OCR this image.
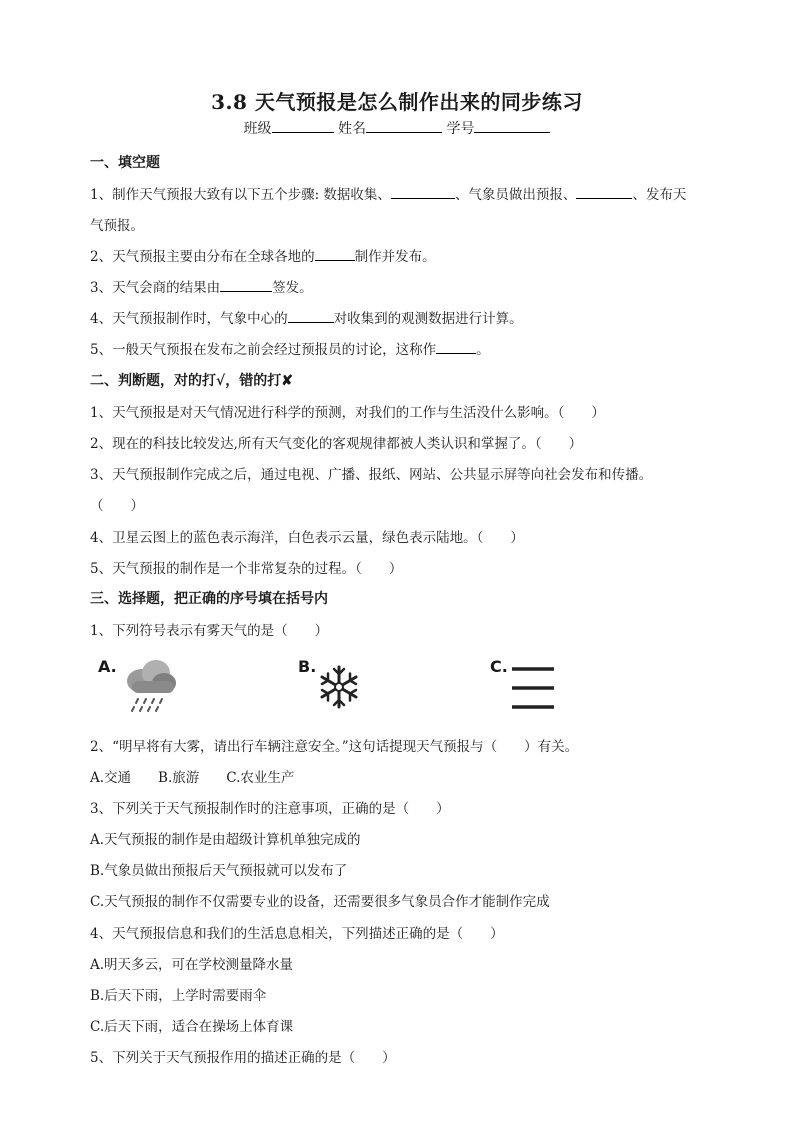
3.8 天气预报是怎么制作出来的同步练习
班级	姓名	学号
一、填空题
1、制作天气预报大致有以下五个步骤: 数据收集、	、气象员做出预报、	、发布天
气预报。
2、天气预报主要由分布在全球各地的	制作并发布。
3、天气会商的结果由	签发。
4、天气预报制作时，气象中心的	对收集到的观测数据进行计算。
5、一般天气预报在发布之前会经过预报员的讨论，这称作	。
二、判断题，对的打√，错的打✘
1、天气预报是对天气情况进行科学的预测，对我们的工作与生活没什么影响。（　　）
2、现在的科技比较发达,所有天气变化的客观规律都被人类认识和掌握了。（　　）
3、天气预报制作完成之后，通过电视、广播、报纸、网站、公共显示屏等向社会发布和传播。
（　　）
4、卫星云图上的蓝色表示海洋，白色表示云量，绿色表示陆地。（　　）
5、天气预报的制作是一个非常复杂的过程。（　　）
三、选择题，把正确的序号填在括号内
1、下列符号表示有雾天气的是（　　）
A.	B.	C.
2、“明早将有大雾，请出行车辆注意安全。”这句话提现天气预报与（　　）有关。
A.交通　　B.旅游　　C.农业生产
3、下列关于天气预报制作时的注意事项，正确的是（　　）
A.天气预报的制作是由超级计算机单独完成的
B.气象员做出预报后天气预报就可以发布了
C.天气预报的制作不仅需要专业的设备，还需要很多气象员合作才能制作完成
4、天气预报信息和我们的生活息息相关，下列描述正确的是（　　）
A.明天多云，可在学校测量降水量
B.后天下雨，上学时需要雨伞
C.后天下雨，适合在操场上体育课
5、下列关于天气预报作用的描述正确的是（　　）
